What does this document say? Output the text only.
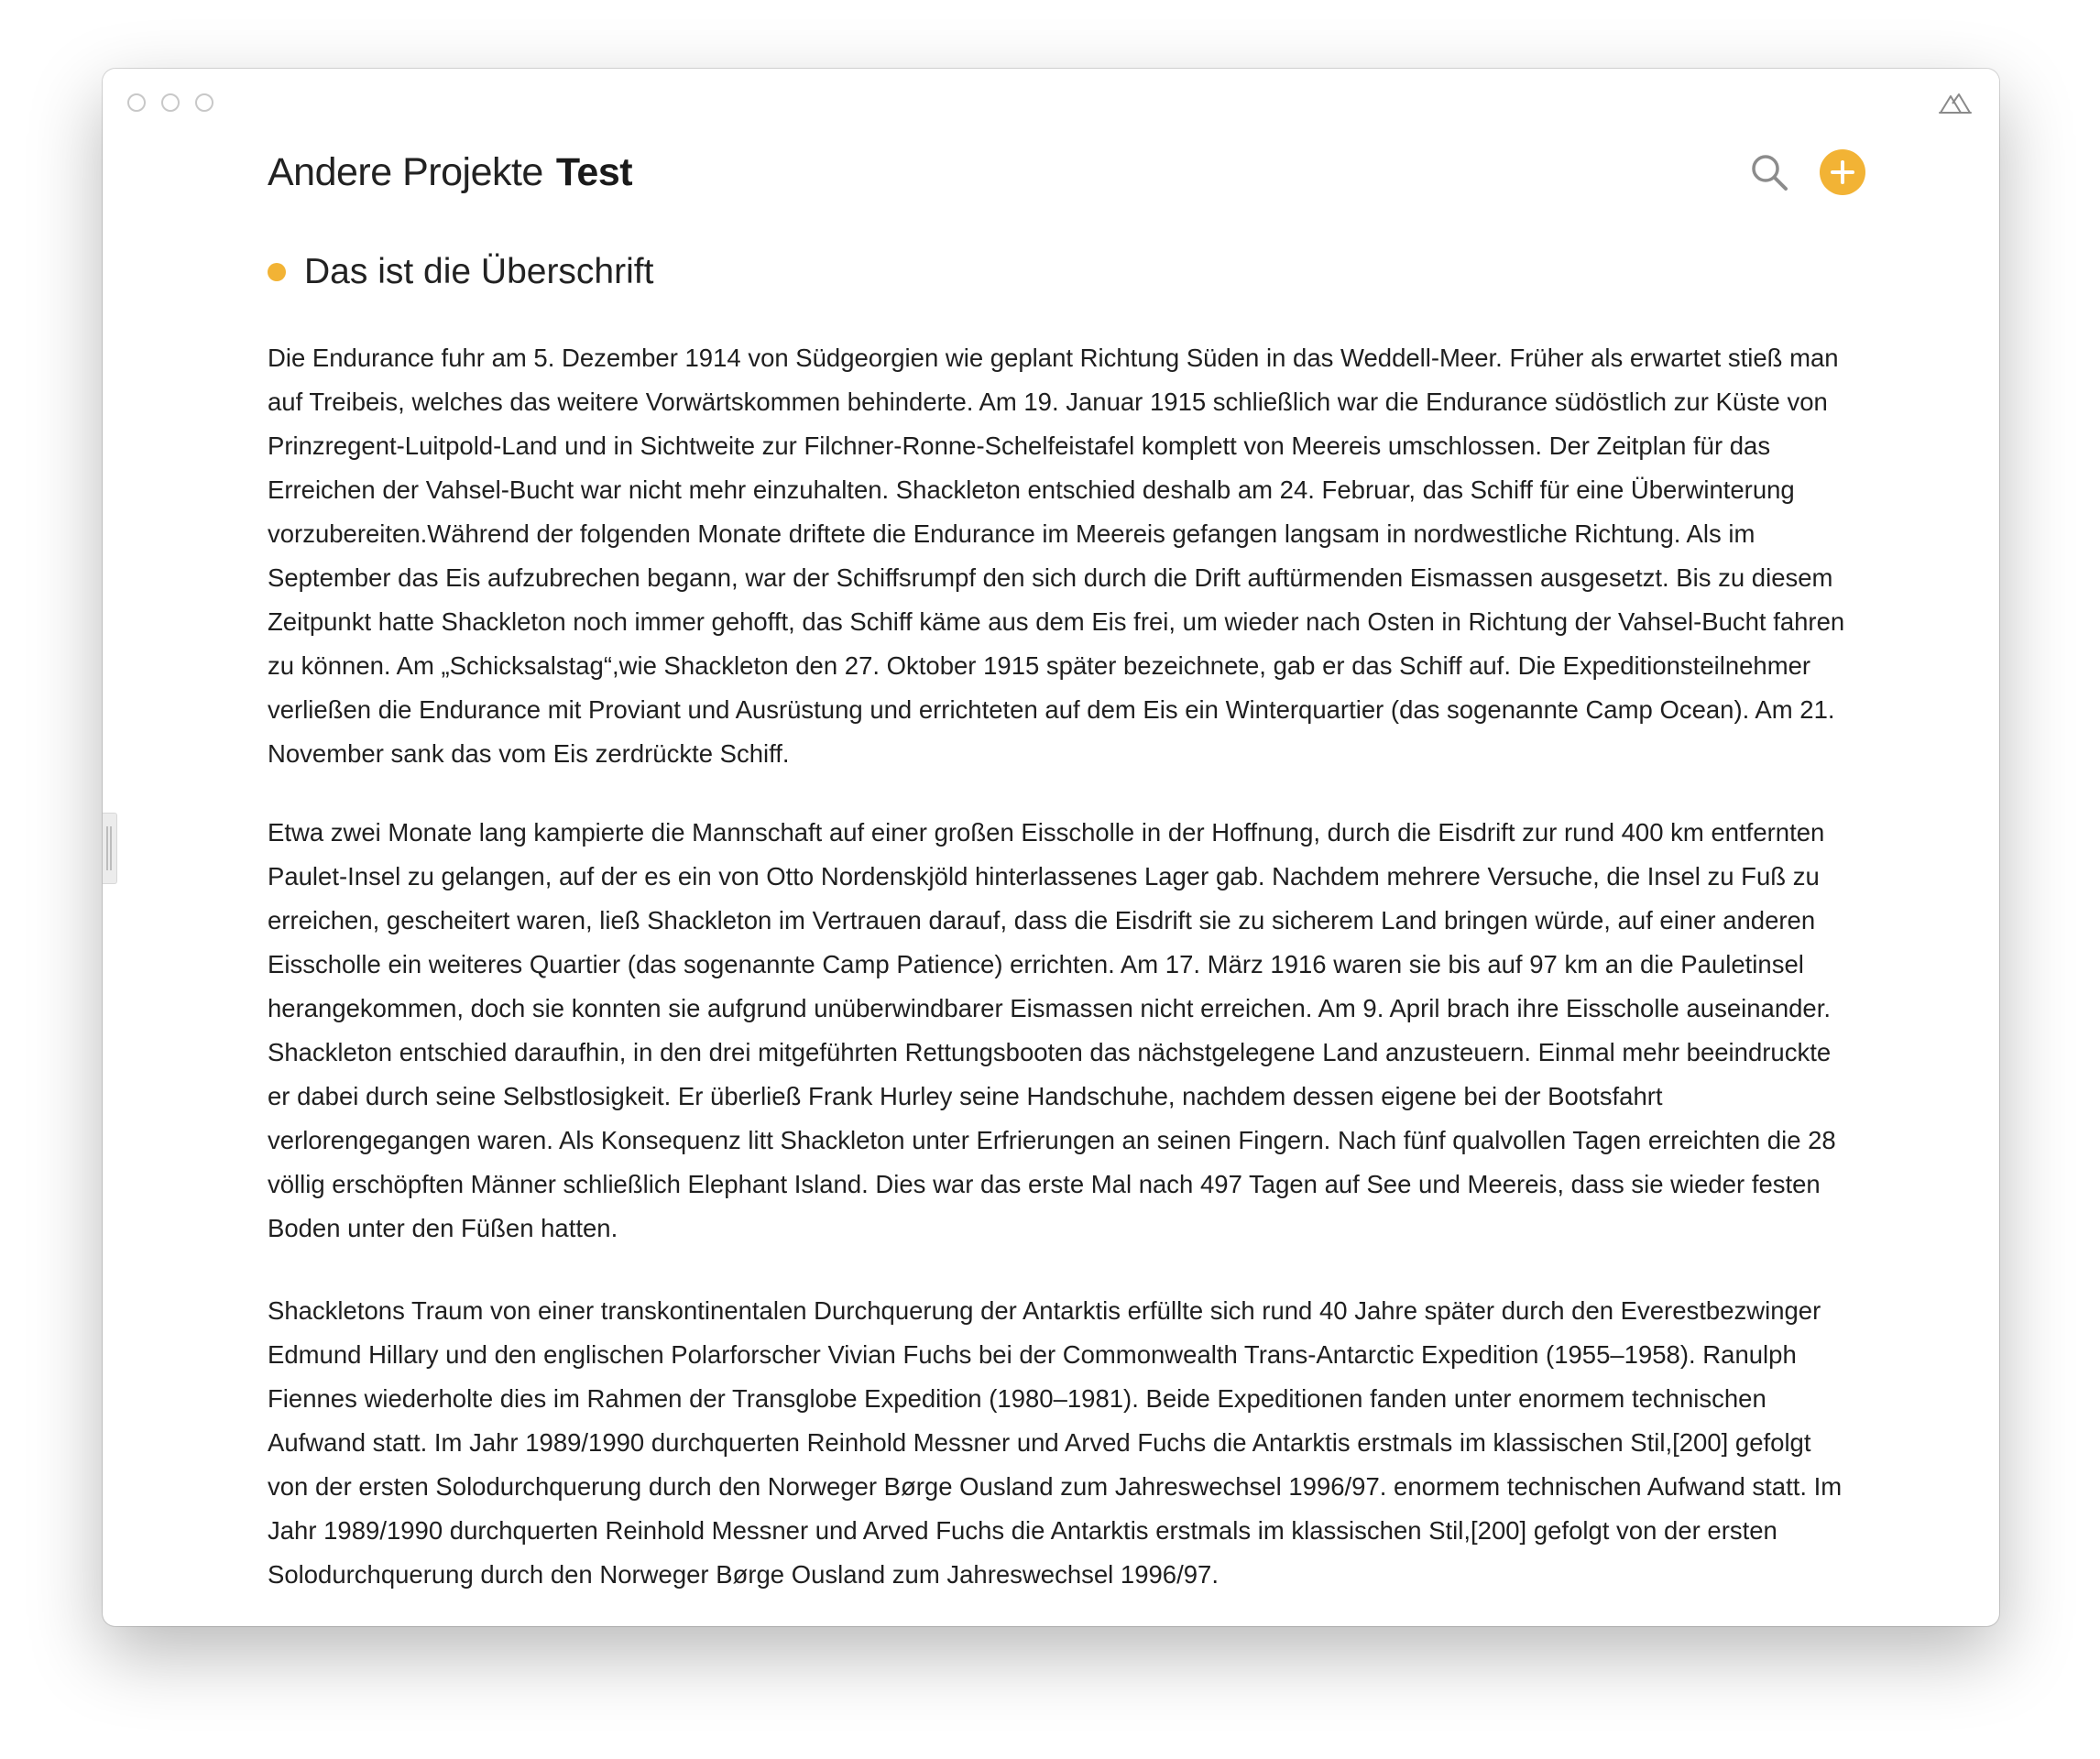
Andere Projekte Test
Das ist die Überschrift

Die Endurance fuhr am 5. Dezember 1914 von Südgeorgien wie geplant Richtung Süden in das Weddell-Meer. Früher als erwartet stieß man auf Treibeis, welches das weitere Vorwärtskommen behinderte. Am 19. Januar 1915 schließlich war die Endurance südöstlich zur Küste von Prinzregent-Luitpold-Land und in Sichtweite zur Filchner-Ronne-Schelfeistafel komplett von Meereis umschlossen. Der Zeitplan für das Erreichen der Vahsel-Bucht war nicht mehr einzuhalten. Shackleton entschied deshalb am 24. Februar, das Schiff für eine Überwinterung vorzubereiten.Während der folgenden Monate driftete die Endurance im Meereis gefangen langsam in nordwestliche Richtung. Als im September das Eis aufzubrechen begann, war der Schiffsrumpf den sich durch die Drift auftürmenden Eismassen ausgesetzt. Bis zu diesem Zeitpunkt hatte Shackleton noch immer gehofft, das Schiff käme aus dem Eis frei, um wieder nach Osten in Richtung der Vahsel-Bucht fahren zu können. Am „Schicksalstag“,wie Shackleton den 27. Oktober 1915 später bezeichnete, gab er das Schiff auf. Die Expeditionsteilnehmer verließen die Endurance mit Proviant und Ausrüstung und errichteten auf dem Eis ein Winterquartier (das sogenannte Camp Ocean). Am 21. November sank das vom Eis zerdrückte Schiff.

Etwa zwei Monate lang kampierte die Mannschaft auf einer großen Eisscholle in der Hoffnung, durch die Eisdrift zur rund 400 km entfernten Paulet-Insel zu gelangen, auf der es ein von Otto Nordenskjöld hinterlassenes Lager gab. Nachdem mehrere Versuche, die Insel zu Fuß zu erreichen, gescheitert waren, ließ Shackleton im Vertrauen darauf, dass die Eisdrift sie zu sicherem Land bringen würde, auf einer anderen Eisscholle ein weiteres Quartier (das sogenannte Camp Patience) errichten. Am 17. März 1916 waren sie bis auf 97 km an die Pauletinsel herangekommen, doch sie konnten sie aufgrund unüberwindbarer Eismassen nicht erreichen. Am 9. April brach ihre Eisscholle auseinander. Shackleton entschied daraufhin, in den drei mitgeführten Rettungsbooten das nächstgelegene Land anzusteuern. Einmal mehr beeindruckte er dabei durch seine Selbstlosigkeit. Er überließ Frank Hurley seine Handschuhe, nachdem dessen eigene bei der Bootsfahrt verlorengegangen waren. Als Konsequenz litt Shackleton unter Erfrierungen an seinen Fingern. Nach fünf qualvollen Tagen erreichten die 28 völlig erschöpften Männer schließlich Elephant Island. Dies war das erste Mal nach 497 Tagen auf See und Meereis, dass sie wieder festen Boden unter den Füßen hatten.

Shackletons Traum von einer transkontinentalen Durchquerung der Antarktis erfüllte sich rund 40 Jahre später durch den Everestbezwinger Edmund Hillary und den englischen Polarforscher Vivian Fuchs bei der Commonwealth Trans-Antarctic Expedition (1955–1958). Ranulph Fiennes wiederholte dies im Rahmen der Transglobe Expedition (1980–1981). Beide Expeditionen fanden unter enormem technischen Aufwand statt. Im Jahr 1989/1990 durchquerten Reinhold Messner und Arved Fuchs die Antarktis erstmals im klassischen Stil,[200] gefolgt von der ersten Solodurchquerung durch den Norweger Børge Ousland zum Jahreswechsel 1996/97. enormem technischen Aufwand statt. Im Jahr 1989/1990 durchquerten Reinhold Messner und Arved Fuchs die Antarktis erstmals im klassischen Stil,[200] gefolgt von der ersten Solodurchquerung durch den Norweger Børge Ousland zum Jahreswechsel 1996/97.
